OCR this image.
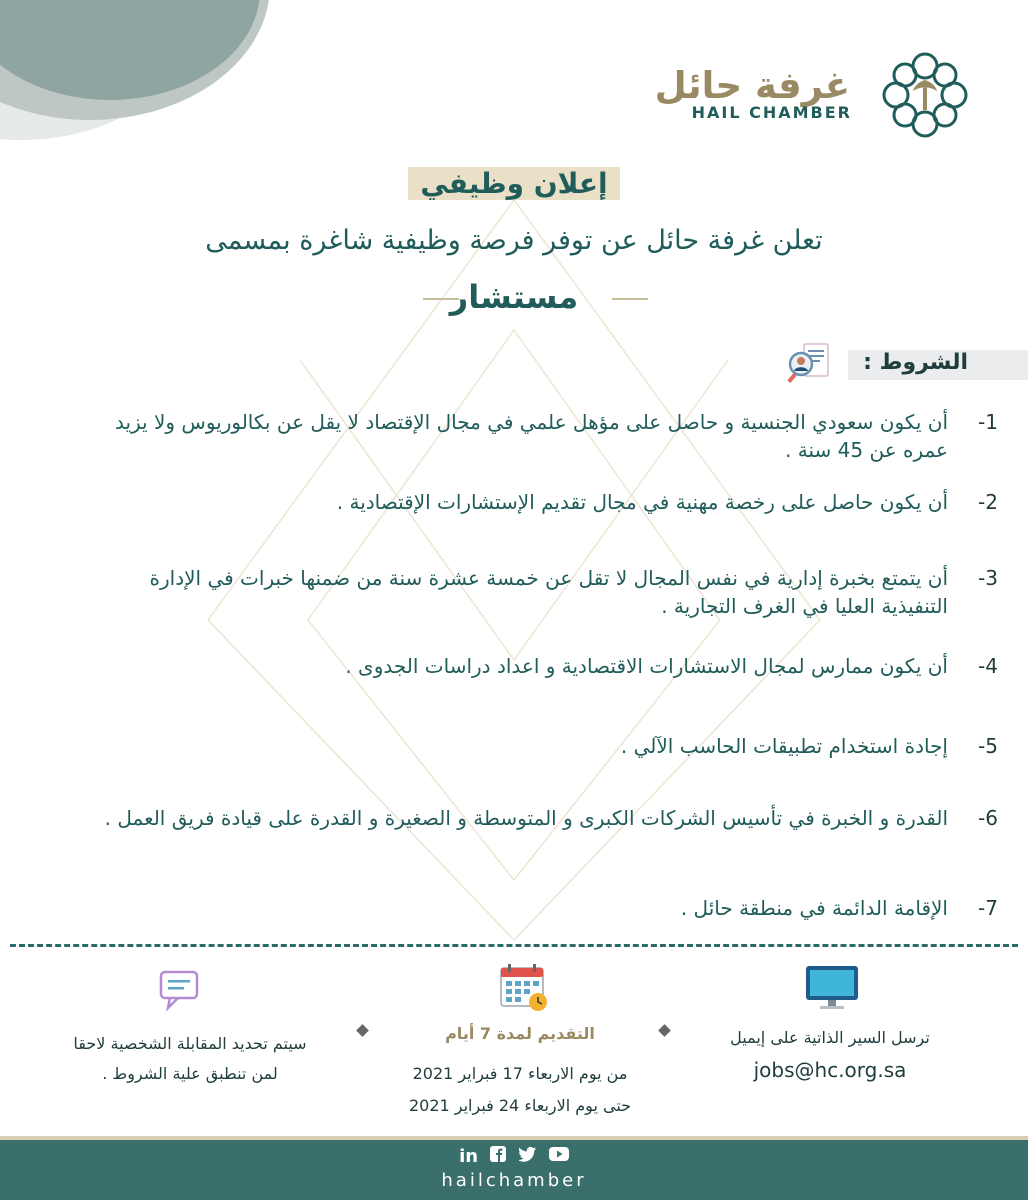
غرفة حائل
HAIL CHAMBER
إعلان وظيفي
تعلن غرفة حائل عن توفر فرصة وظيفية شاغرة بمسمى
مستشار
الشروط :
-1
أن يكون سعودي الجنسية و حاصل على مؤهل علمي في مجال الإقتصاد لا يقل عن بكالوريوس ولا يزيد عمره عن 45 سنة .
-2
أن يكون حاصل على رخصة مهنية في مجال تقديم الإستشارات الإقتصادية .
-3
أن يتمتع بخبرة إدارية في نفس المجال لا تقل عن خمسة عشرة سنة من ضمنها خبرات في الإدارة التنفيذية العليا في الغرف التجارية .
-4
أن يكون ممارس لمجال الاستشارات الاقتصادية و اعداد دراسات الجدوى .
-5
إجادة استخدام تطبيقات الحاسب الآلي .
-6
القدرة و الخبرة في تأسيس الشركات الكبرى و المتوسطة و الصغيرة و القدرة على قيادة فريق العمل .
-7
الإقامة الدائمة في منطقة حائل .
ترسل السير الذاتية على إيميل
jobs@hc.org.sa
التقديم لمدة 7 أيام
من يوم الاربعاء 17 فبراير 2021
حتى يوم الاربعاء 24 فبراير 2021
سيتم تحديد المقابلة الشخصية لاحقا
لمن تنطبق علية الشروط .
in
hailchamber
